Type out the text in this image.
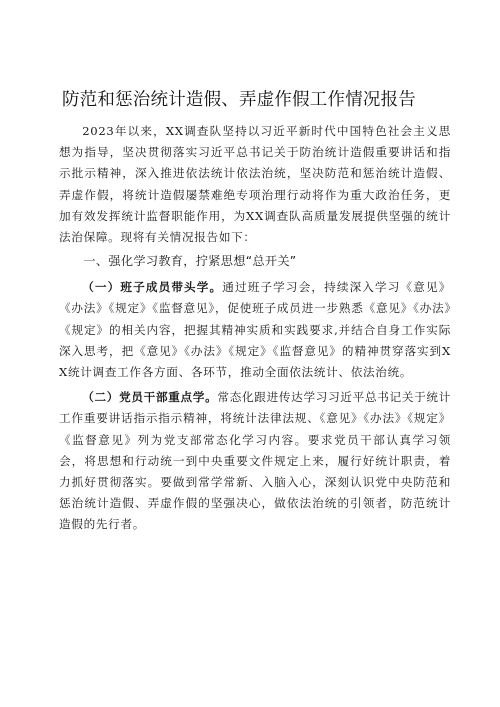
防范和惩治统计造假、弄虚作假工作情况报告

2023年以来，XX调查队坚持以习近平新时代中国特色社会主义思想为指导，坚决贯彻落实习近平总书记关于防治统计造假重要讲话和指示批示精神，深入推进依法统计依法治统，坚决防范和惩治统计造假、弄虚作假，将统计造假屡禁难绝专项治理行动将作为重大政治任务，更加有效发挥统计监督职能作用，为XX调查队高质量发展提供坚强的统计法治保障。现将有关情况报告如下：

一、强化学习教育，拧紧思想“总开关”

（一）班子成员带头学。通过班子学习会，持续深入学习《意见》《办法》《规定》《监督意见》，促使班子成员进一步熟悉《意见》《办法》《规定》的相关内容，把握其精神实质和实践要求,并结合自身工作实际深入思考，把《意见》《办法》《规定》《监督意见》的精神贯穿落实到XX统计调查工作各方面、各环节，推动全面依法统计、依法治统。

（二）党员干部重点学。常态化跟进传达学习习近平总书记关于统计工作重要讲话指示指示精神，将统计法律法规、《意见》《办法》《规定》《监督意见》列为党支部常态化学习内容。要求党员干部认真学习领会，将思想和行动统一到中央重要文件规定上来，履行好统计职责，着力抓好贯彻落实。要做到常学常新、入脑入心，深刻认识党中央防范和惩治统计造假、弄虚作假的坚强决心，做依法治统的引领者，防范统计造假的先行者。
